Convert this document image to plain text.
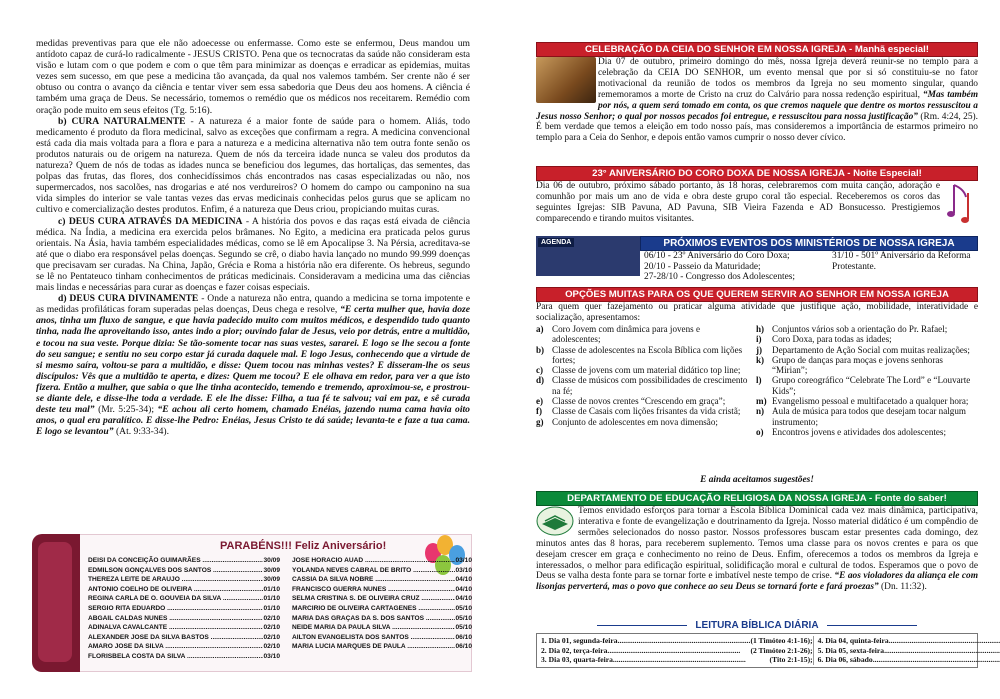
medidas preventivas para que ele não adoecesse ou enfermasse. Como este se enfermou, Deus mandou um antídoto capaz de curá-lo radicalmente - JESUS CRISTO. Pena que os tecnocratas da saúde não consideram esta visão e lutam com o que podem e com o que têm para minimizar as doenças e erradicar as epidemias, muitas vezes sem sucesso, em que pese a medicina tão avançada, da qual nos valemos também. Ser crente não é ser obtuso ou contra o avanço da ciência e tentar viver sem essa sabedoria que Deus deu aos homens. A ciência é também uma graça de Deus. Se necessário, tomemos o remédio que os médicos nos receitarem. Remédio com oração pode muito em seus efeitos (Tg. 5:16).

b) CURA NATURALMENTE - A natureza é a maior fonte de saúde para o homem. Aliás, todo medicamento é produto da flora medicinal, salvo as exceções que confirmam a regra. A medicina convencional está cada dia mais voltada para a flora e para a natureza e a medicina alternativa não tem outra fonte senão os produtos naturais ou de origem na natureza. Quem de nós da terceira idade nunca se valeu dos produtos da natureza? Quem de nós de todas as idades nunca se beneficiou dos legumes, das hortaliças, das sementes, das polpas das frutas, das flores, dos conhecidíssimos chás encontrados nas casas especializadas ou não, nos supermercados, nos sacolões, nas drogarias e até nos verdureiros? O homem do campo ou camponino na sua vida simples do interior se vale tantas vezes das ervas medicinais conhecidas pelos gurus que se aplicam no cultivo e comercialização destes produtos. Enfim, é a natureza que Deus criou, propiciando muitas curas.

c) DEUS CURA ATRAVÉS DA MEDICINA - A história dos povos e das raças está eivada de ciência médica. Na Índia, a medicina era exercida pelos brâmanes. No Egito, a medicina era praticada pelos gurus orientais. Na Ásia, havia também especialidades médicas, como se lê em Apocalipse 3. Na Pérsia, acreditava-se até que o diabo era responsável pelas doenças. Segundo se crê, o diabo havia lançado no mundo 99.999 doenças que precisavam ser curadas. Na China, Japão, Grécia e Roma a história não era diferente. Os hebreus, segundo se lê no Pentateuco tinham conhecimentos de práticas medicinais. Consideravam a medicina uma das ciências mais lindas e necessárias para curar as doenças e fazer coisas especiais.

d) DEUS CURA DIVINAMENTE - Onde a natureza não entra, quando a medicina se torna impotente e as medidas profiláticas foram superadas pelas doenças, Deus chega e resolve, “E certa mulher que, havia doze anos, tinha um fluxo de sangue, e que havia padecido muito com muitos médicos, e despendido tudo quanto tinha, nada lhe aproveitando isso, antes indo a pior; ouvindo falar de Jesus, veio por detrás, entre a multidão, e tocou na sua veste. Porque dizia: Se tão-somente tocar nas suas vestes, sararei. E logo se lhe secou a fonte do seu sangue; e sentiu no seu corpo estar já curada daquele mal. E logo Jesus, conhecendo que a virtude de si mesmo saíra, voltou-se para a multidão, e disse: Quem tocou nas minhas vestes? E disseram-lhe os seus discípulos: Vês que a multidão te aperta, e dizes: Quem me tocou? E ele olhava em redor, para ver a que isto fizera. Então a mulher, que sabia o que lhe tinha acontecido, temendo e tremendo, aproximou-se, e prostrou-se diante dele, e disse-lhe toda a verdade. E ele lhe disse: Filha, a tua fé te salvou; vai em paz, e sê curada deste teu mal” (Mr. 5:25-34); “E achou ali certo homem, chamado Enéias, jazendo numa cama havia oito anos, o qual era paralítico. E disse-lhe Pedro: Enéias, Jesus Cristo te dá saúde; levanta-te e faze a tua cama. E logo se levantou” (At. 9:33-34).

PARABÉNS!!! Feliz Aniversário!
DEISI DA CONCEIÇÃO GUIMARÃES .....	30/09
EDMILSON GONÇALVES DOS SANTOS .....	30/09
THEREZA LEITE DE ARAUJO .....	30/09
ANTONIO COELHO DE OLIVEIRA .....	01/10
REGINA CARLA DE O. GOUVEIA DA SILVA .....	01/10
SERGIO RITA EDUARDO .....	01/10
ABGAIL CALDAS NUNES .....	02/10
ADINALVA CAVALCANTE .....	02/10
ALEXANDER JOSE DA SILVA BASTOS .....	02/10
AMARO JOSE DA SILVA .....	02/10
FLORISBELA COSTA DA SILVA .....	03/10
JOSE HORACIO AUAD .....	03/10
YOLANDA NEVES CABRAL DE BRITO .....	03/10
CASSIA DA SILVA NOBRE .....	04/10
FRANCISCO GUERRA NUNES .....	04/10
SELMA CRISTINA S. DE OLIVEIRA CRUZ .....	04/10
MARCIRIO DE OLIVEIRA CARTAGENES .....	05/10
MARIA DAS GRAÇAS DA S. DOS SANTOS .....	05/10
NEIDE MARIA DA PAULA SILVA .....	05/10
AILTON EVANGELISTA DOS SANTOS .....	06/10
MARIA LUCIA MARQUES DE PAULA .....	06/10
CELEBRAÇÃO DA CEIA DO SENHOR EM NOSSA IGREJA - Manhã especial!
Dia 07 de outubro, primeiro domingo do mês, nossa Igreja deverá reunir-se no templo para a celebração da CEIA DO SENHOR, um evento mensal que por si só constituiu-se no fator motivacional da reunião de todos os membros da Igreja no seu momento singular, quando rememoramos a morte de Cristo na cruz do Calvário para nossa redenção espiritual, “Mas também por nós, a quem será tomado em conta, os que cremos naquele que dentre os mortos ressuscitou a Jesus nosso Senhor; o qual por nossos pecados foi entregue, e ressuscitou para nossa justificação” (Rm. 4:24, 25). É bem verdade que temos a eleição em todo nosso país, mas consideremos a importância de estarmos primeiro no templo para a Ceia do Senhor, e depois então vamos cumprir o nosso dever cívico.
23° ANIVERSÁRIO DO CORO DOXA DE NOSSA IGREJA - Noite Especial!
Dia 06 de outubro, próximo sábado portanto, às 18 horas, celebraremos com muita canção, adoração e comunhão por mais um ano de vida e obra deste grupo coral tão especial. Receberemos os coros das seguintes Igrejas: SIB Pavuna, AD Pavuna, SIB Vieira Fazenda e AD Bonsucesso. Prestigiemos comparecendo e tirando muitos visitantes.
AGENDA	PRÓXIMOS EVENTOS DOS MINISTÉRIOS DE NOSSA IGREJA
06/10 - 23º Aniversário do Coro Doxa;
20/10 - Passeio da Maturidade;
27-28/10 - Congresso dos Adolescentes;
31/10 - 501º Aniversário da Reforma Protestante.
OPÇÕES MUITAS PARA OS QUE QUEREM SERVIR AO SENHOR EM NOSSA IGREJA
Para quem quer fazejamento ou praticar alguma atividade que justifique ação, mobilidade, interatividade e socialização, apresentamos:
a) Coro Jovem com dinâmica para jovens e adolescentes;
b) Classe de adolescentes na Escola Bíblica com lições fortes;
c) Classe de jovens com um material didático top line;
d) Classe de músicos com possibilidades de crescimento na fé;
e) Classe de novos crentes “Crescendo em graça”;
f)	Classe de Casais com lições frisantes da vida cristã;
g) Conjunto de adolescentes em nova dimensão;
h) Conjuntos vários sob a orientação do Pr. Rafael;
i)	Coro Doxa, para todas as idades;
j)	Departamento de Ação Social com muitas realizações;
k) Grupo de danças para moças e jovens senhoras “Mirian”;
l)	Grupo coreográfico “Celebrate The Lord” e “Louvarte Kids”;
m) Evangelismo pessoal e multifacetado a qualquer hora;
n) Aula de música para todos que desejam tocar nalgum instrumento;
o) Encontros jovens e atividades dos adolescentes;
E ainda aceitamos sugestões!
DEPARTAMENTO DE EDUCAÇÃO RELIGIOSA DA NOSSA IGREJA - Fonte do saber!
Temos envidado esforços para tornar a Escola Bíblica Dominical cada vez mais dinâmica, participativa, interativa e fonte de evangelização e doutrinamento da Igreja. Nosso material didático é um compêndio de sermões selecionados do nosso pastor. Nossos professores buscam estar presentes cada domingo, dez minutos antes das 8 horas, para receberem suplemento. Temos uma classe para os novos crentes e para os que desejam crescer em graça e conhecimento no reino de Deus. Enfim, oferecemos a todos os membros da Igreja e interessados, o melhor para edificação espiritual, solidificação moral e cultural de todos. Esperamos que o povo de Deus se valha desta fonte para se tornar forte e imbatível neste tempo de crise. “E aos violadores da aliança ele com lisonjas perverterá, mas o povo que conhece ao seu Deus se tornará forte e fará proezas” (Dn. 11:32).
LEITURA BÍBLICA DIÁRIA
1. Dia 01, segunda-feira .....	(1 Timóteo 4:1-16);
2. Dia 02, terça-feira .....	(2 Timóteo 2:1-26);
3. Dia 03, quarta-feira .....	(Tito 2:1-15);
4. Dia 04, quinta-feira
.....
5. Dia 05, sexta-feira
.....
6. Dia 06, sábado
.....
